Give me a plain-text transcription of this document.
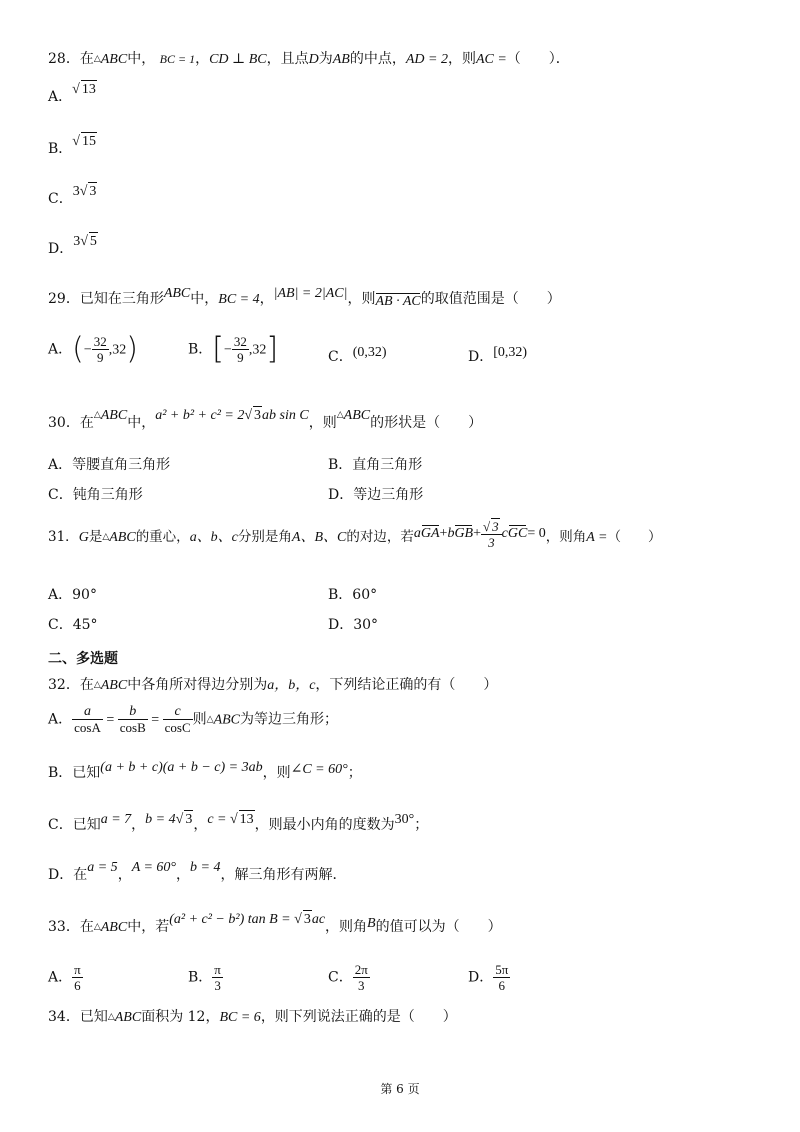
28．在△ABC中， BC = 1，CD ⊥ BC，且点D为AB的中点，AD = 2，则AC =（　　）．
A．√ 13
B．√ 15
C．3√ 3
D．3√ 5
29．已知在三角形ABC中，BC = 4，|AB| = 2|AC|，则AB · AC的取值范围是（　　）
A．(− $\frac{32}{9} ,32$)	B．[− $\frac{32}{9} ,32$]	C．(0,32)	D．[0,32)
30．在△ABC中，a² + b² + c² = 2√ 3ab sin C，则△ABC的形状是（　　）
A．等腰直角三角形	B．直角三角形
C．钝角三角形	D．等边三角形
31．G是△ABC的重心，a、b、c分别是角A、B、C的对边，若$aGA+bGB+ \frac{√ 3}{3} cGC= 0$，则角A =（　　）
A．90°	B．60°
C．45°	D．30°
二、多选题
32．在△ABC中各角所对得边分别为a，b，c，下列结论正确的有（　　）
A． $\frac{a}{\cos A} = \frac{b}{\cos B} = \frac{c}{\cos C}$ 则△ABC为等边三角形；
B．已知(a + b + c)(a + b − c) = 3ab，则∠C = 60°；
C．已知a = 7，b = 4√ 3，c = √ 13，则最小内角的度数为30°；
D．在a = 5，A = 60°，b = 4，解三角形有两解．
33．在△ABC中，若(a² + c² − b²) tan B = √ 3ac，则角B的值可以为（　　）
A． $\frac{\pi}{6}$	B． $\frac{\pi}{3}$	C． $\frac{2\pi}{3}$	D． $\frac{5\pi}{6}$
34．已知△ABC面积为 12，BC = 6，则下列说法正确的是（　　）
第 6 页
